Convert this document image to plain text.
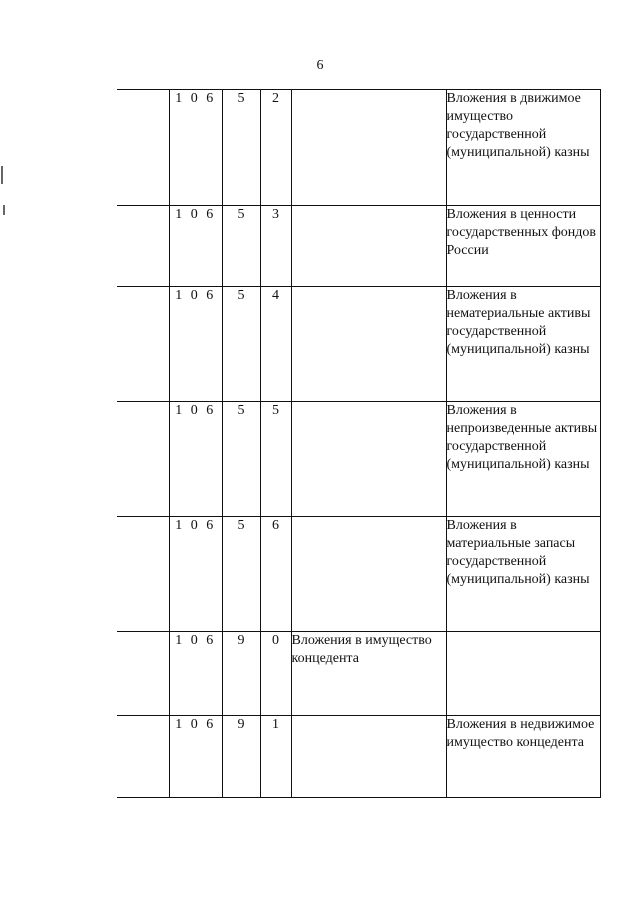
6
	1 0 6	5	2		Вложения в движимое имущество государственной (муниципальной) казны
	1 0 6	5	3		Вложения в ценности государственных фондов России
	1 0 6	5	4		Вложения в нематериальные активы государственной (муниципальной) казны
	1 0 6	5	5		Вложения в непроизведенные активы государственной (муниципальной) казны
	1 0 6	5	6		Вложения в материальные запасы государственной (муниципальной) казны
	1 0 6	9	0	Вложения в имущество концедента	
	1 0 6	9	1		Вложения в недвижимое имущество концедента
